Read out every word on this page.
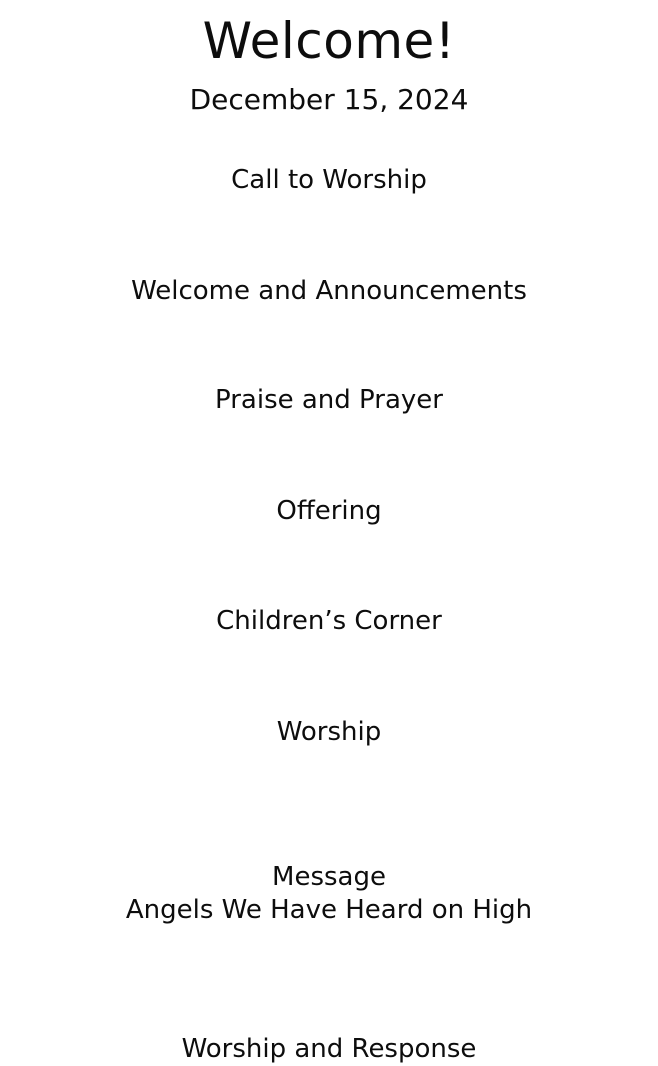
Welcome!
December 15, 2024
Call to Worship
Welcome and Announcements
Praise and Prayer
Offering
Children’s Corner
Worship
Message
Angels We Have Heard on High
Worship and Response
